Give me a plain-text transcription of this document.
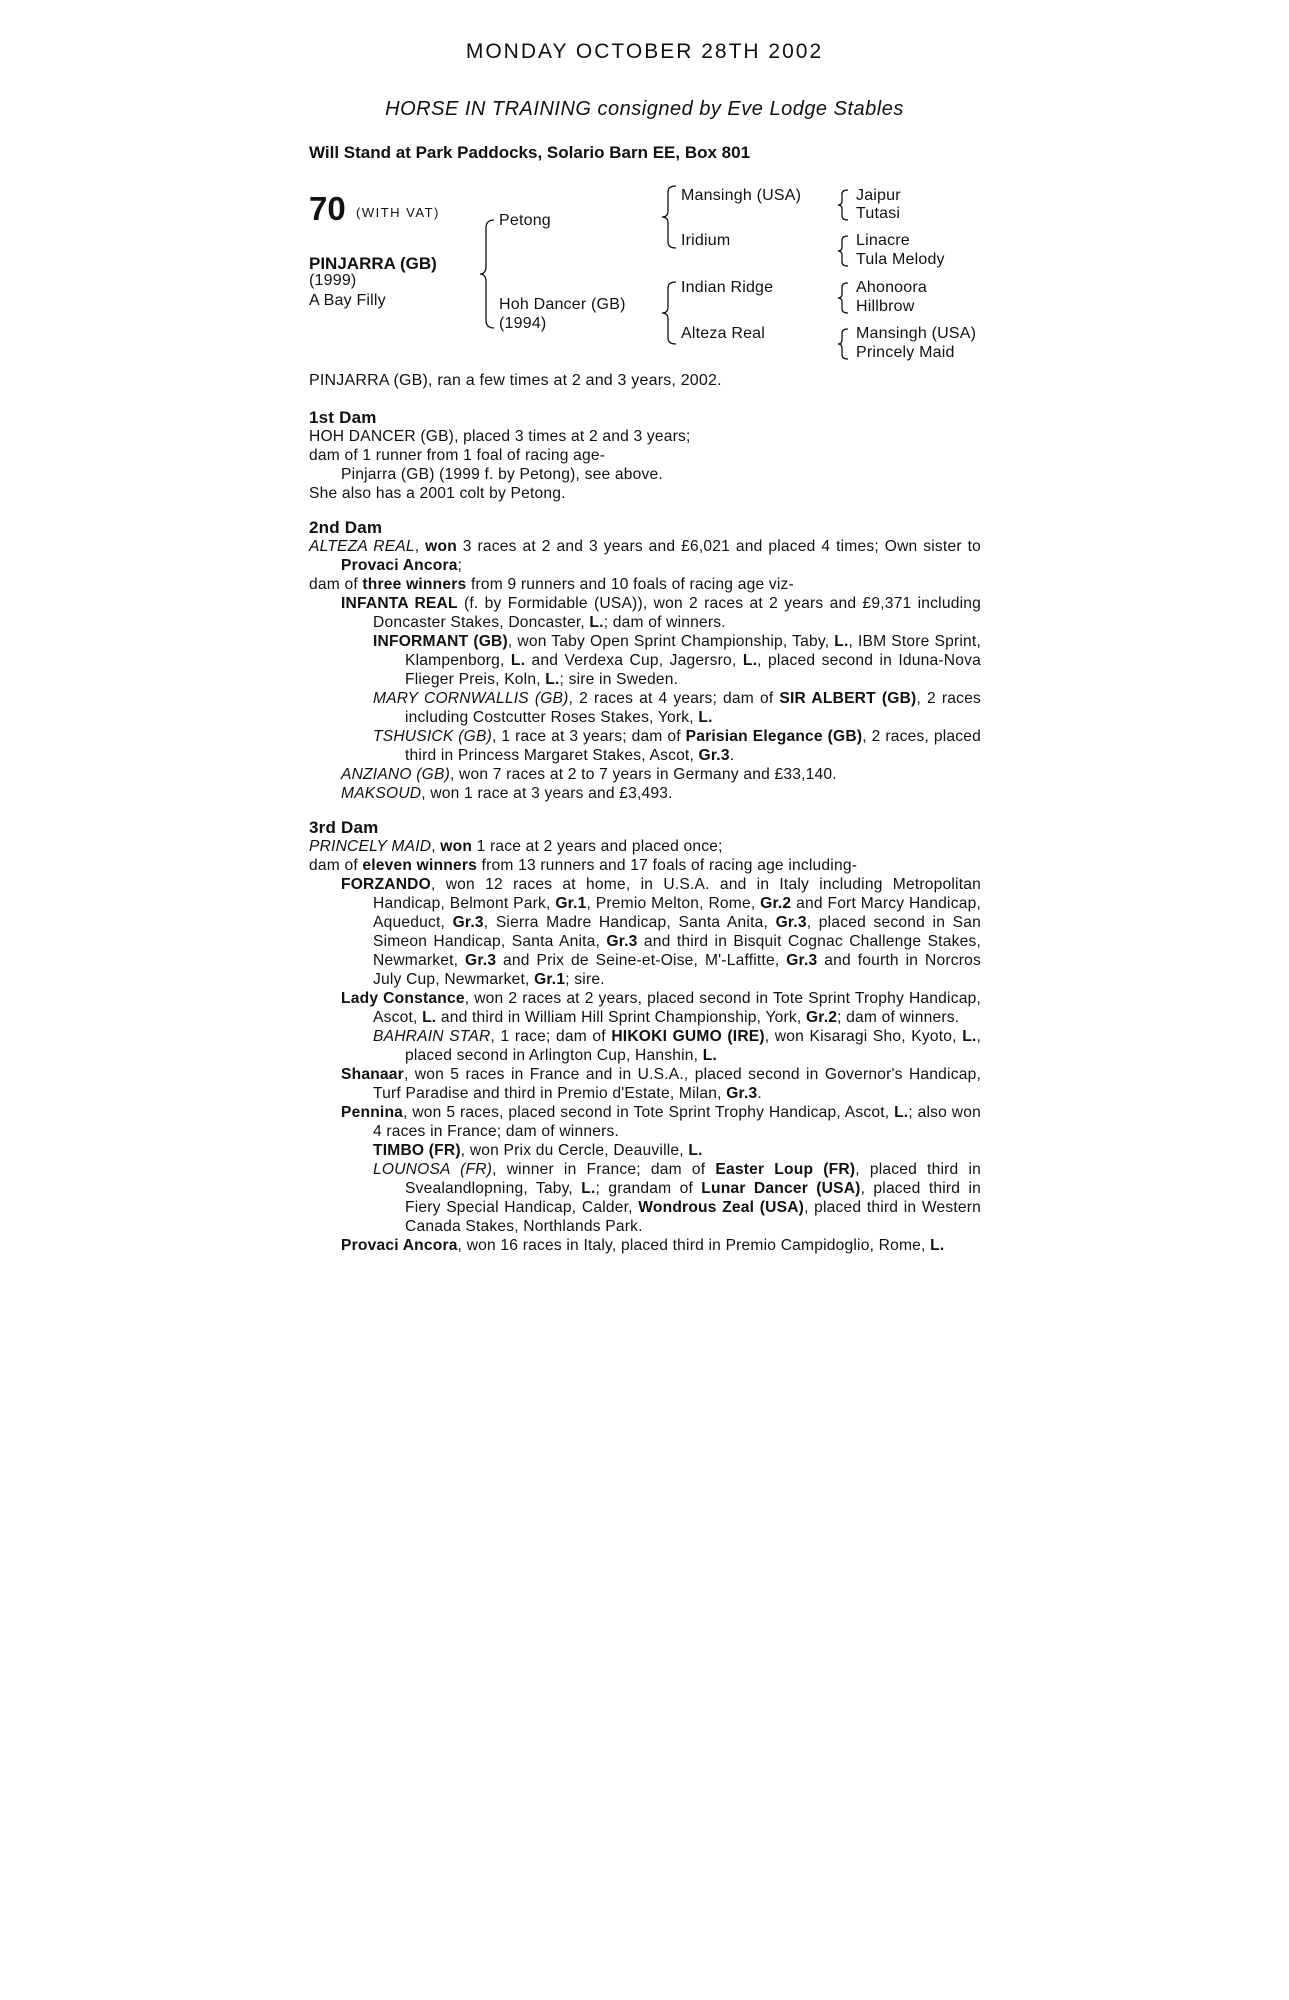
MONDAY OCTOBER 28TH 2002
HORSE IN TRAINING consigned by Eve Lodge Stables
Will Stand at Park Paddocks, Solario Barn EE, Box 801
70 (WITH VAT)
PINJARRA (GB)
(1999)
A Bay Filly
Petong
Hoh Dancer (GB)
(1994)
Mansingh (USA)
Iridium
Indian Ridge
Alteza Real
Jaipur
Tutasi
Linacre
Tula Melody
Ahonoora
Hillbrow
Mansingh (USA)
Princely Maid
PINJARRA (GB), ran a few times at 2 and 3 years, 2002.

1st Dam

HOH DANCER (GB), placed 3 times at 2 and 3 years;

dam of 1 runner from 1 foal of racing age-

Pinjarra (GB) (1999 f. by Petong), see above.

She also has a 2001 colt by Petong.

2nd Dam

ALTEZA REAL, won 3 races at 2 and 3 years and £6,021 and placed 4 times; Own sister to Provaci Ancora;

dam of three winners from 9 runners and 10 foals of racing age viz-

INFANTA REAL (f. by Formidable (USA)), won 2 races at 2 years and £9,371 including Doncaster Stakes, Doncaster, L.; dam of winners.

INFORMANT (GB), won Taby Open Sprint Championship, Taby, L., IBM Store Sprint, Klampenborg, L. and Verdexa Cup, Jagersro, L., placed second in Iduna-Nova Flieger Preis, Koln, L.; sire in Sweden.

MARY CORNWALLIS (GB), 2 races at 4 years; dam of SIR ALBERT (GB), 2 races including Costcutter Roses Stakes, York, L.

TSHUSICK (GB), 1 race at 3 years; dam of Parisian Elegance (GB), 2 races, placed third in Princess Margaret Stakes, Ascot, Gr.3.

ANZIANO (GB), won 7 races at 2 to 7 years in Germany and £33,140.

MAKSOUD, won 1 race at 3 years and £3,493.

3rd Dam

PRINCELY MAID, won 1 race at 2 years and placed once;

dam of eleven winners from 13 runners and 17 foals of racing age including-

FORZANDO, won 12 races at home, in U.S.A. and in Italy including Metropolitan Handicap, Belmont Park, Gr.1, Premio Melton, Rome, Gr.2 and Fort Marcy Handicap, Aqueduct, Gr.3, Sierra Madre Handicap, Santa Anita, Gr.3, placed second in San Simeon Handicap, Santa Anita, Gr.3 and third in Bisquit Cognac Challenge Stakes, Newmarket, Gr.3 and Prix de Seine-et-Oise, M'-Laffitte, Gr.3 and fourth in Norcros July Cup, Newmarket, Gr.1; sire.

Lady Constance, won 2 races at 2 years, placed second in Tote Sprint Trophy Handicap, Ascot, L. and third in William Hill Sprint Championship, York, Gr.2; dam of winners.

BAHRAIN STAR, 1 race; dam of HIKOKI GUMO (IRE), won Kisaragi Sho, Kyoto, L., placed second in Arlington Cup, Hanshin, L.

Shanaar, won 5 races in France and in U.S.A., placed second in Governor's Handicap, Turf Paradise and third in Premio d'Estate, Milan, Gr.3.

Pennina, won 5 races, placed second in Tote Sprint Trophy Handicap, Ascot, L.; also won 4 races in France; dam of winners.

TIMBO (FR), won Prix du Cercle, Deauville, L.

LOUNOSA (FR), winner in France; dam of Easter Loup (FR), placed third in Svealandlopning, Taby, L.; grandam of Lunar Dancer (USA), placed third in Fiery Special Handicap, Calder, Wondrous Zeal (USA), placed third in Western Canada Stakes, Northlands Park.

Provaci Ancora, won 16 races in Italy, placed third in Premio Campidoglio, Rome, L.
